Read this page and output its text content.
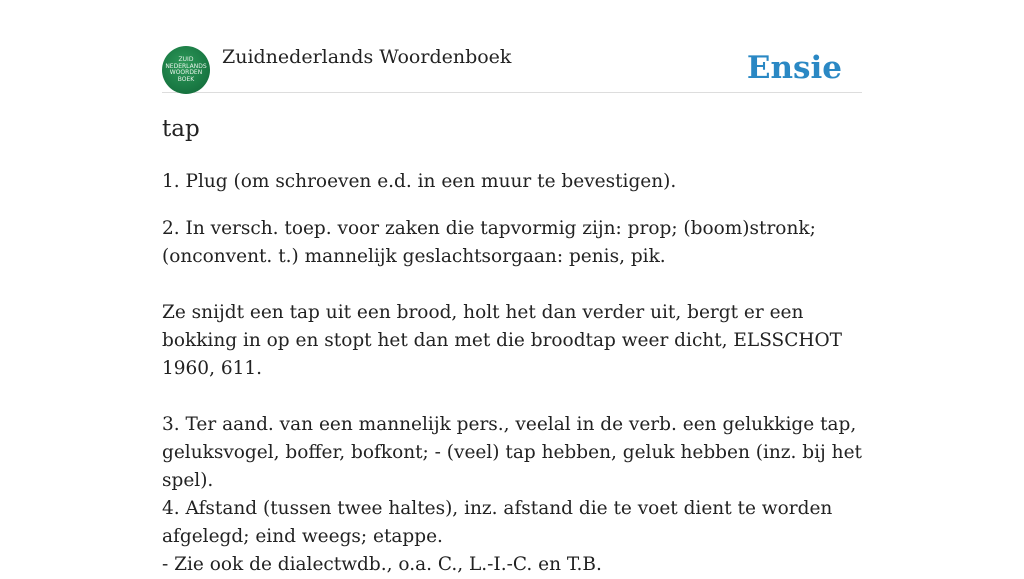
ZUID
NEDERLANDS
WOORDEN
BOEK
Zuidnederlands Woordenboek	Ensie
tap

1. Plug (om schroeven e.d. in een muur te bevestigen).

2. In versch. toep. voor zaken die tapvormig zijn: prop; (boom)stronk; (onconvent. t.) mannelijk geslachtsorgaan: penis, pik.

Ze snijdt een tap uit een brood, holt het dan verder uit, bergt er een bokking in op en stopt het dan met die broodtap weer dicht, ELSSCHOT 1960, 611.

3. Ter aand. van een mannelijk pers., veelal in de verb. een gelukkige tap, geluksvogel, boffer, bofkont; - (veel) tap hebben, geluk hebben (inz. bij het spel).

4. Afstand (tussen twee haltes), inz. afstand die te voet dient te worden afgelegd; eind weegs; etappe.

- Zie ook de dialectwdb., o.a. C., L.-I.-C. en T.B.
